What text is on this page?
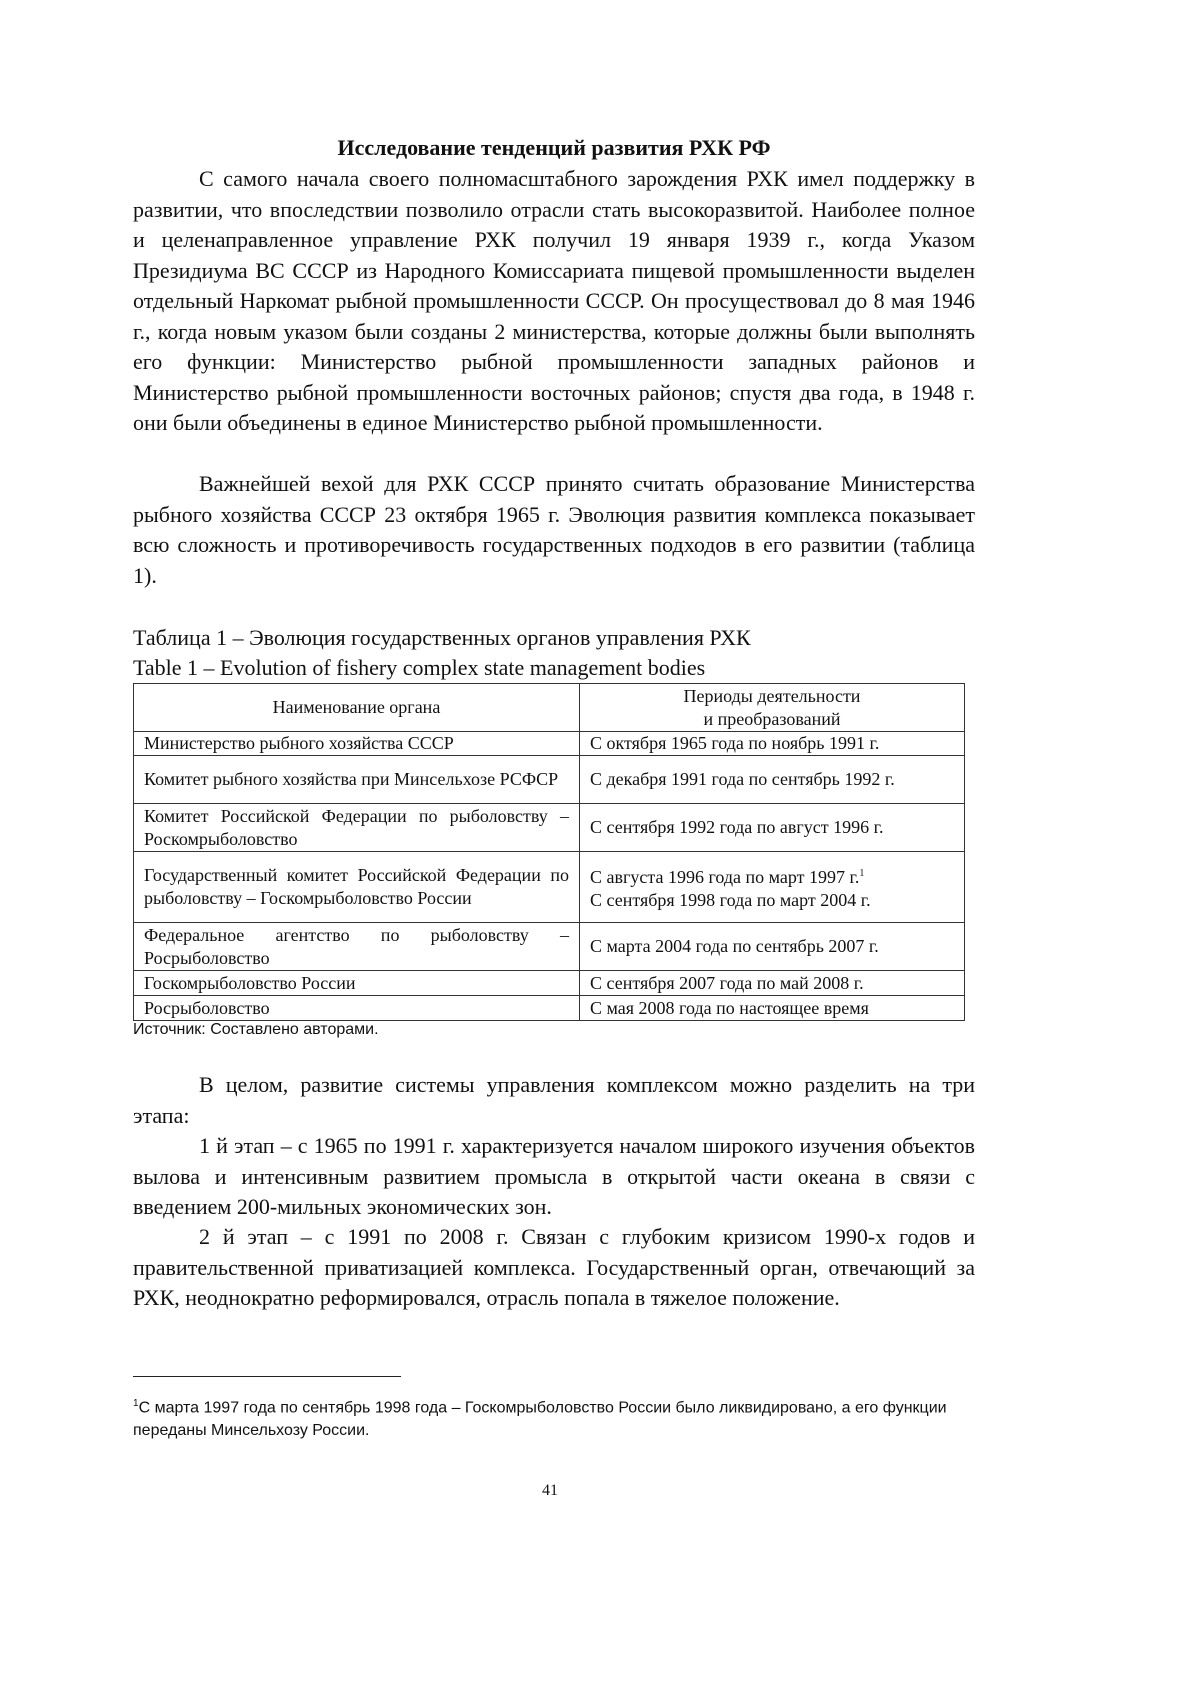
Исследование тенденций развития РХК РФ

С самого начала своего полномасштабного зарождения РХК имел поддержку в развитии, что впоследствии позволило отрасли стать высокоразвитой. Наиболее полное и целенаправленное управление РХК получил 19 января 1939 г., когда Указом Президиума ВС СССР из Народного Комиссариата пищевой промышленности выделен отдельный Наркомат рыбной промышленности СССР. Он просуществовал до 8 мая 1946 г., когда новым указом были созданы 2 министерства, которые должны были выполнять его функции: Министерство рыбной промышленности западных районов и Министерство рыбной промышленности восточных районов; спустя два года, в 1948 г. они были объединены в единое Министерство рыбной промышленности.

Важнейшей вехой для РХК СССР принято считать образование Министерства рыбного хозяйства СССР 23 октября 1965 г. Эволюция развития комплекса показывает всю сложность и противоречивость государственных подходов в его развитии (таблица 1).

Таблица 1 – Эволюция государственных органов управления РХК
Table 1 – Evolution of fishery complex state management bodies
Наименование органа	Периоды деятельности
и преобразований
Министерство рыбного хозяйства СССР	С октября 1965 года по ноябрь 1991 г.
Комитет рыбного хозяйства при Минсельхозе РСФСР	С декабря 1991 года по сентябрь 1992 г.
Комитет Российской Федерации по рыболовству – Роскомрыболовство	С сентября 1992 года по август 1996 г.
Государственный комитет Российской Федерации по рыболовству – Госкомрыболовство России	С августа 1996 года по март 1997 г.1
С сентября 1998 года по март 2004 г.
Федеральное агентство по рыболовству – Росрыболовство	С марта 2004 года по сентябрь 2007 г.
Госкомрыболовство России	С сентября 2007 года по май 2008 г.
Росрыболовство	С мая 2008 года по настоящее время
Источник: Составлено авторами.

В целом, развитие системы управления комплексом можно разделить на три этапа:

1 й этап – с 1965 по 1991 г. характеризуется началом широкого изучения объектов вылова и интенсивным развитием промысла в открытой части океана в связи с введением 200-мильных экономических зон.

2 й этап – с 1991 по 2008 г. Связан с глубоким кризисом 1990-х годов и правительственной приватизацией комплекса. Государственный орган, отвечающий за РХК, неоднократно реформировался, отрасль попала в тяжелое положение.

1С марта 1997 года по сентябрь 1998 года – Госкомрыболовство России было ликвидировано, а его функции переданы Минсельхозу России.
41
